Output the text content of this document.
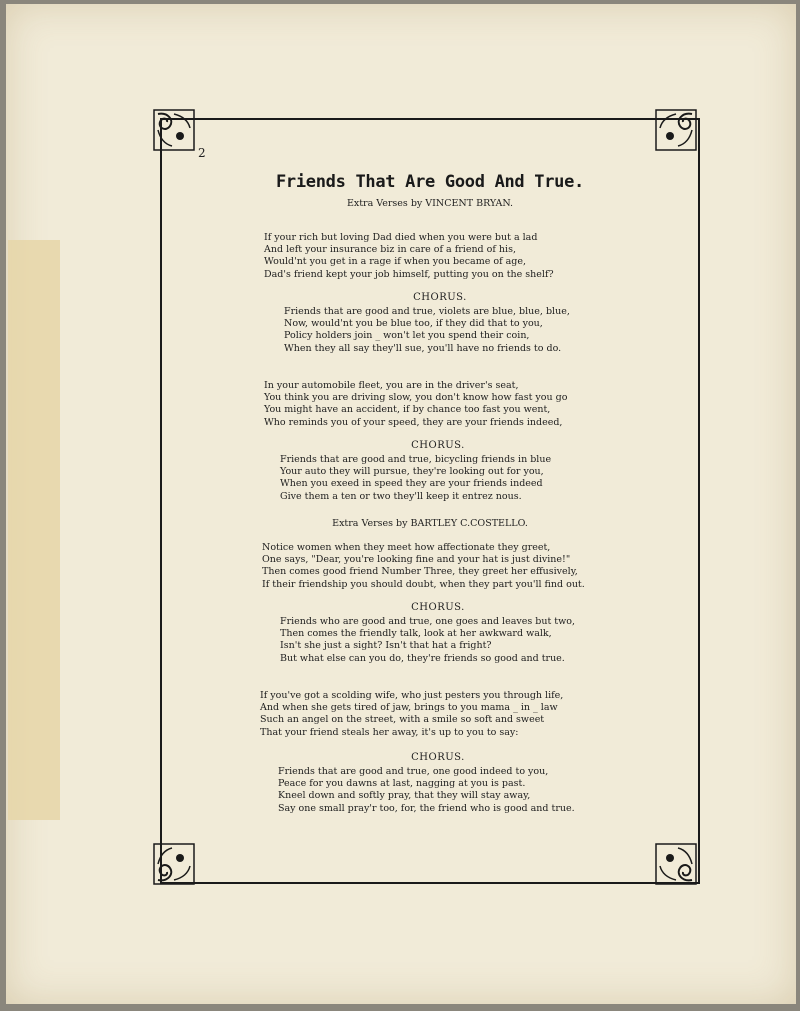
2
Friends That Are Good And True.
Extra Verses by VINCENT BRYAN.
If your rich but loving Dad died when you were but a lad
And left your insurance biz in care of a friend of his,
Would'nt you get in a rage if when you became of age,
Dad's friend kept your job himself, putting you on the shelf?
CHORUS.
Friends that are good and true, violets are blue, blue, blue,
Now, would'nt you be blue too, if they did that to you,
Policy holders join _ won't let you spend their coin,
When they all say they'll sue, you'll have no friends to do.
In your automobile fleet, you are in the driver's seat,
You think you are driving slow, you don't know how fast you go
You might have an accident, if by chance too fast you went,
Who reminds you of your speed, they are your friends indeed,
CHORUS.
Friends that are good and true, bicycling friends in blue
Your auto they will pursue, they're looking out for you,
When you exeed in speed they are your friends indeed
Give them a ten or two they'll keep it entrez nous.
Extra Verses by BARTLEY C.COSTELLO.
Notice women when they meet how affectionate they greet,
One says, "Dear, you're looking fine and your hat is just divine!"
Then comes good friend Number Three, they greet her effusively,
If their friendship you should doubt, when they part you'll find out.
CHORUS.
Friends who are good and true, one goes and leaves but two,
Then comes the friendly talk, look at her awkward walk,
Isn't she just a sight? Isn't that hat a fright?
But what else can you do, they're friends so good and true.
If you've got a scolding wife, who just pesters you through life,
And when she gets tired of jaw, brings to you mama _ in _ law
Such an angel on the street, with a smile so soft and sweet
That your friend steals her away, it's up to you to say:
CHORUS.
Friends that are good and true, one good indeed to you,
Peace for you dawns at last, nagging at you is past.
Kneel down and softly pray, that they will stay away,
Say one small pray'r too, for, the friend who is good and true.
